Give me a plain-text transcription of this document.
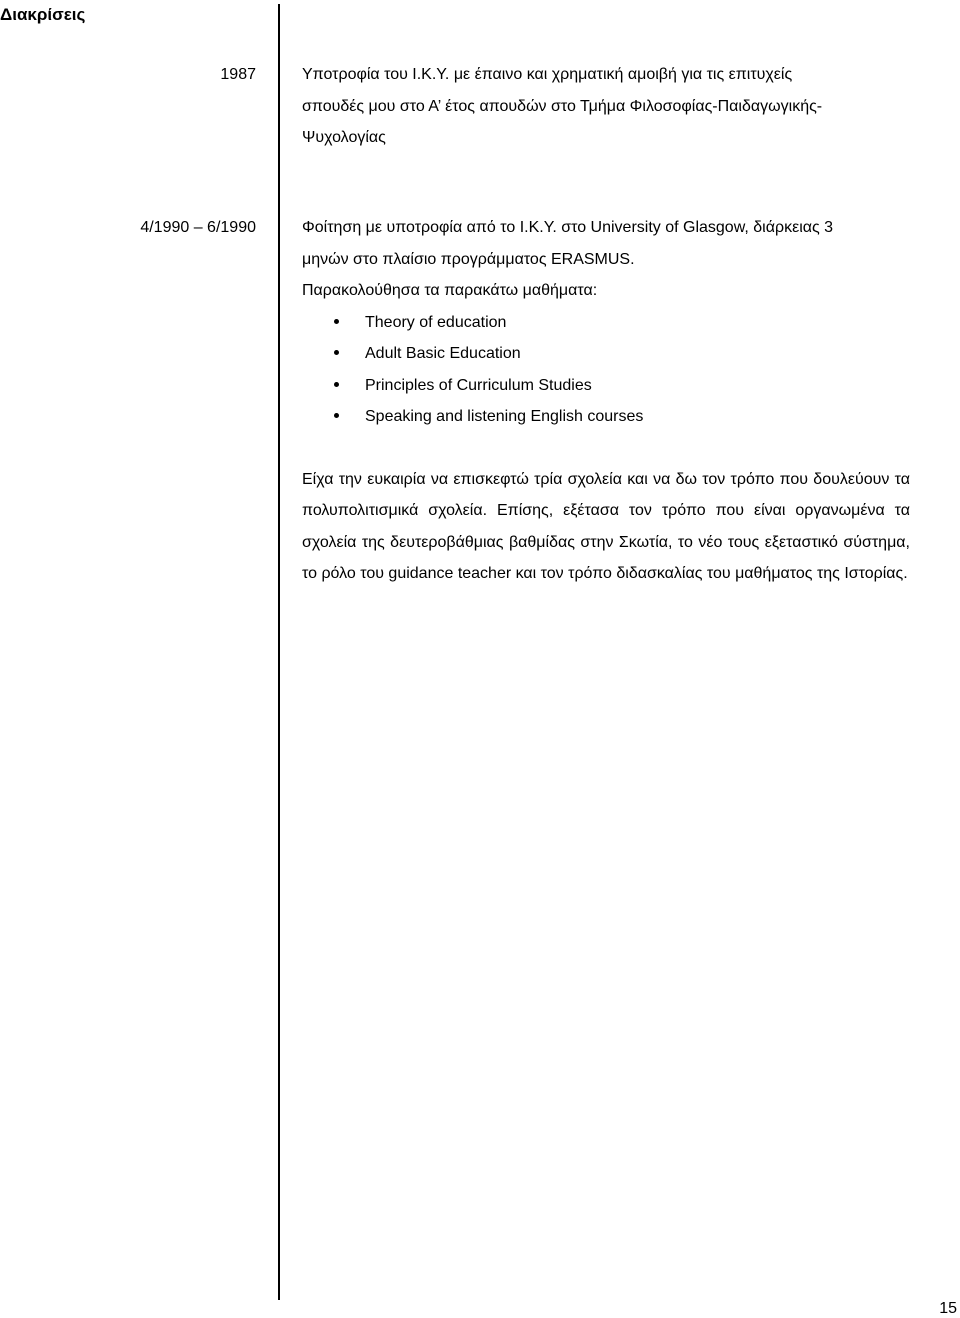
Διακρίσεις
1987	Υποτροφία του Ι.Κ.Υ. με έπαινο και χρηματική αμοιβή για τις επιτυχείς

σπουδές μου στο Α’ έτος απουδών στο Τμήμα Φιλοσοφίας-Παιδαγωγικής-

Ψυχολογίας

4/1990 – 6/1990	Φοίτηση με υποτροφία από το Ι.Κ.Υ. στο University of Glasgow, διάρκειας 3

μηνών στο πλαίσιο προγράμματος ERASMUS.

Παρακολούθησα τα παρακάτω μαθήματα:

Theory of education
Adult Basic Education
Principles of Curriculum Studies
Speaking and listening English courses

Είχα την ευκαιρία να επισκεφτώ τρία σχολεία και να δω τον τρόπο που δουλεύουν τα πολυπολιτισμικά σχολεία. Επίσης, εξέτασα τον τρόπο που είναι οργανωμένα τα σχολεία της δευτεροβάθμιας βαθμίδας στην Σκωτία, το νέο τους εξεταστικό σύστημα, το ρόλο του guidance teacher και τον τρόπο διδασκαλίας του μαθήματος της Ιστορίας.

15
